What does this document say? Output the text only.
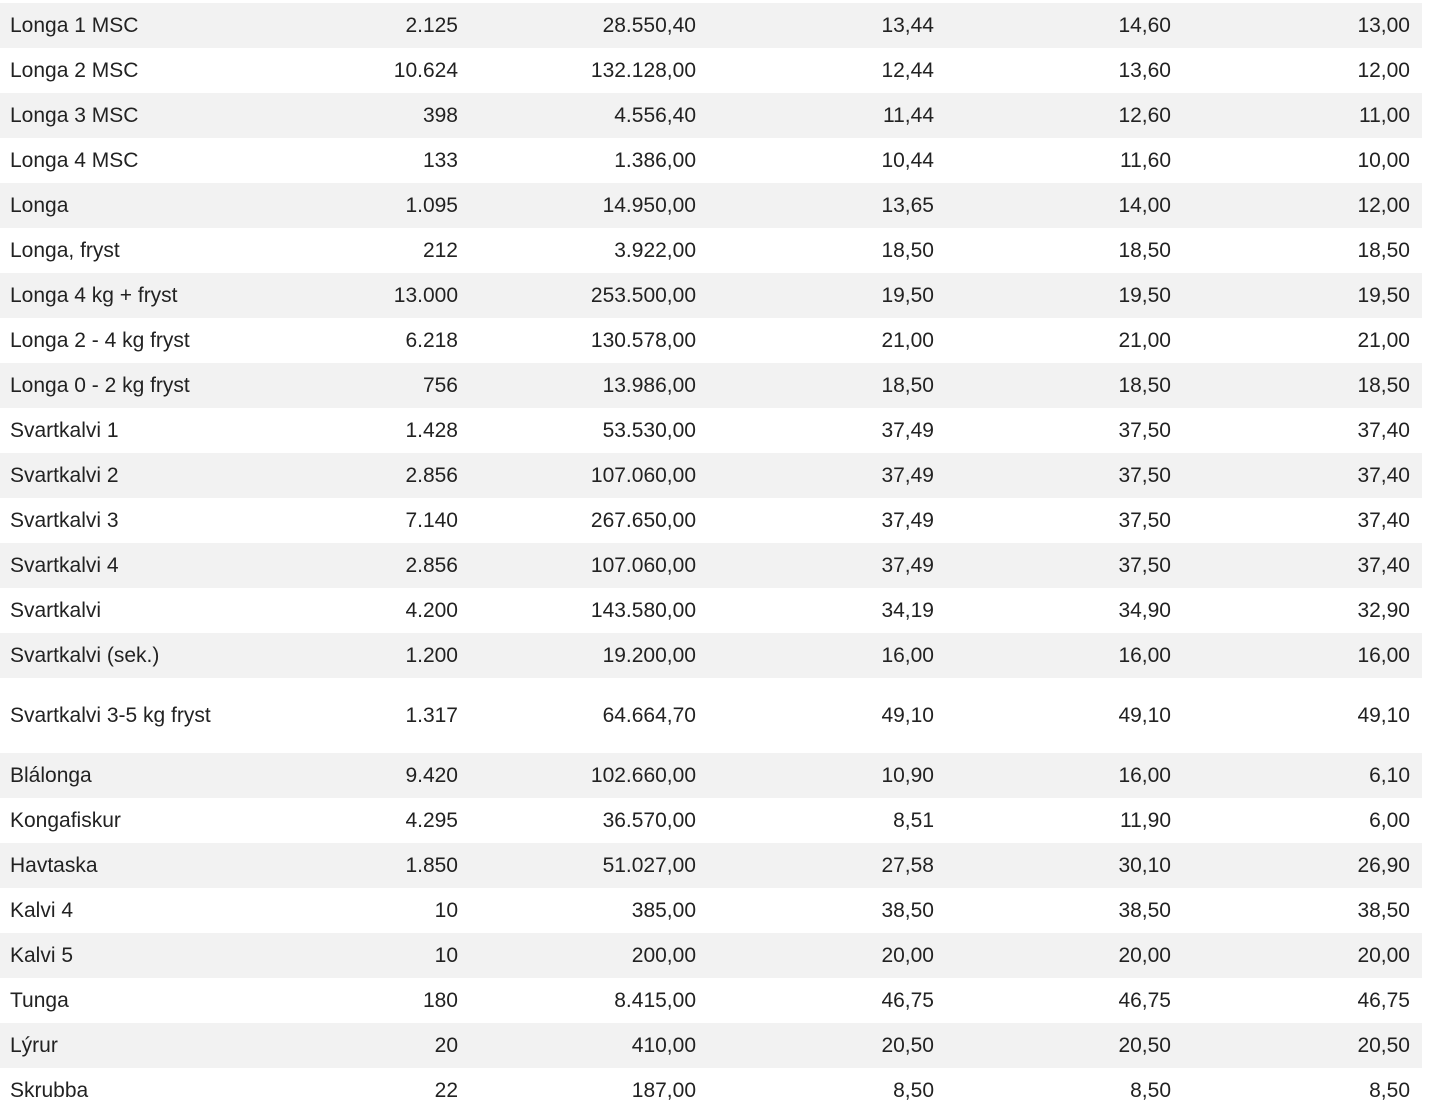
Longa 1 MSC	2.125	28.550,40	13,44	14,60	13,00
Longa 2 MSC	10.624	132.128,00	12,44	13,60	12,00
Longa 3 MSC	398	4.556,40	11,44	12,60	11,00
Longa 4 MSC	133	1.386,00	10,44	11,60	10,00
Longa	1.095	14.950,00	13,65	14,00	12,00
Longa, fryst	212	3.922,00	18,50	18,50	18,50
Longa 4 kg + fryst	13.000	253.500,00	19,50	19,50	19,50
Longa 2 - 4 kg fryst	6.218	130.578,00	21,00	21,00	21,00
Longa 0 - 2 kg fryst	756	13.986,00	18,50	18,50	18,50
Svartkalvi 1	1.428	53.530,00	37,49	37,50	37,40
Svartkalvi 2	2.856	107.060,00	37,49	37,50	37,40
Svartkalvi 3	7.140	267.650,00	37,49	37,50	37,40
Svartkalvi 4	2.856	107.060,00	37,49	37,50	37,40
Svartkalvi	4.200	143.580,00	34,19	34,90	32,90
Svartkalvi (sek.)	1.200	19.200,00	16,00	16,00	16,00
Svartkalvi 3-5 kg fryst	1.317	64.664,70	49,10	49,10	49,10
Blálonga	9.420	102.660,00	10,90	16,00	6,10
Kongafiskur	4.295	36.570,00	8,51	11,90	6,00
Havtaska	1.850	51.027,00	27,58	30,10	26,90
Kalvi 4	10	385,00	38,50	38,50	38,50
Kalvi 5	10	200,00	20,00	20,00	20,00
Tunga	180	8.415,00	46,75	46,75	46,75
Lýrur	20	410,00	20,50	20,50	20,50
Skrubba	22	187,00	8,50	8,50	8,50
